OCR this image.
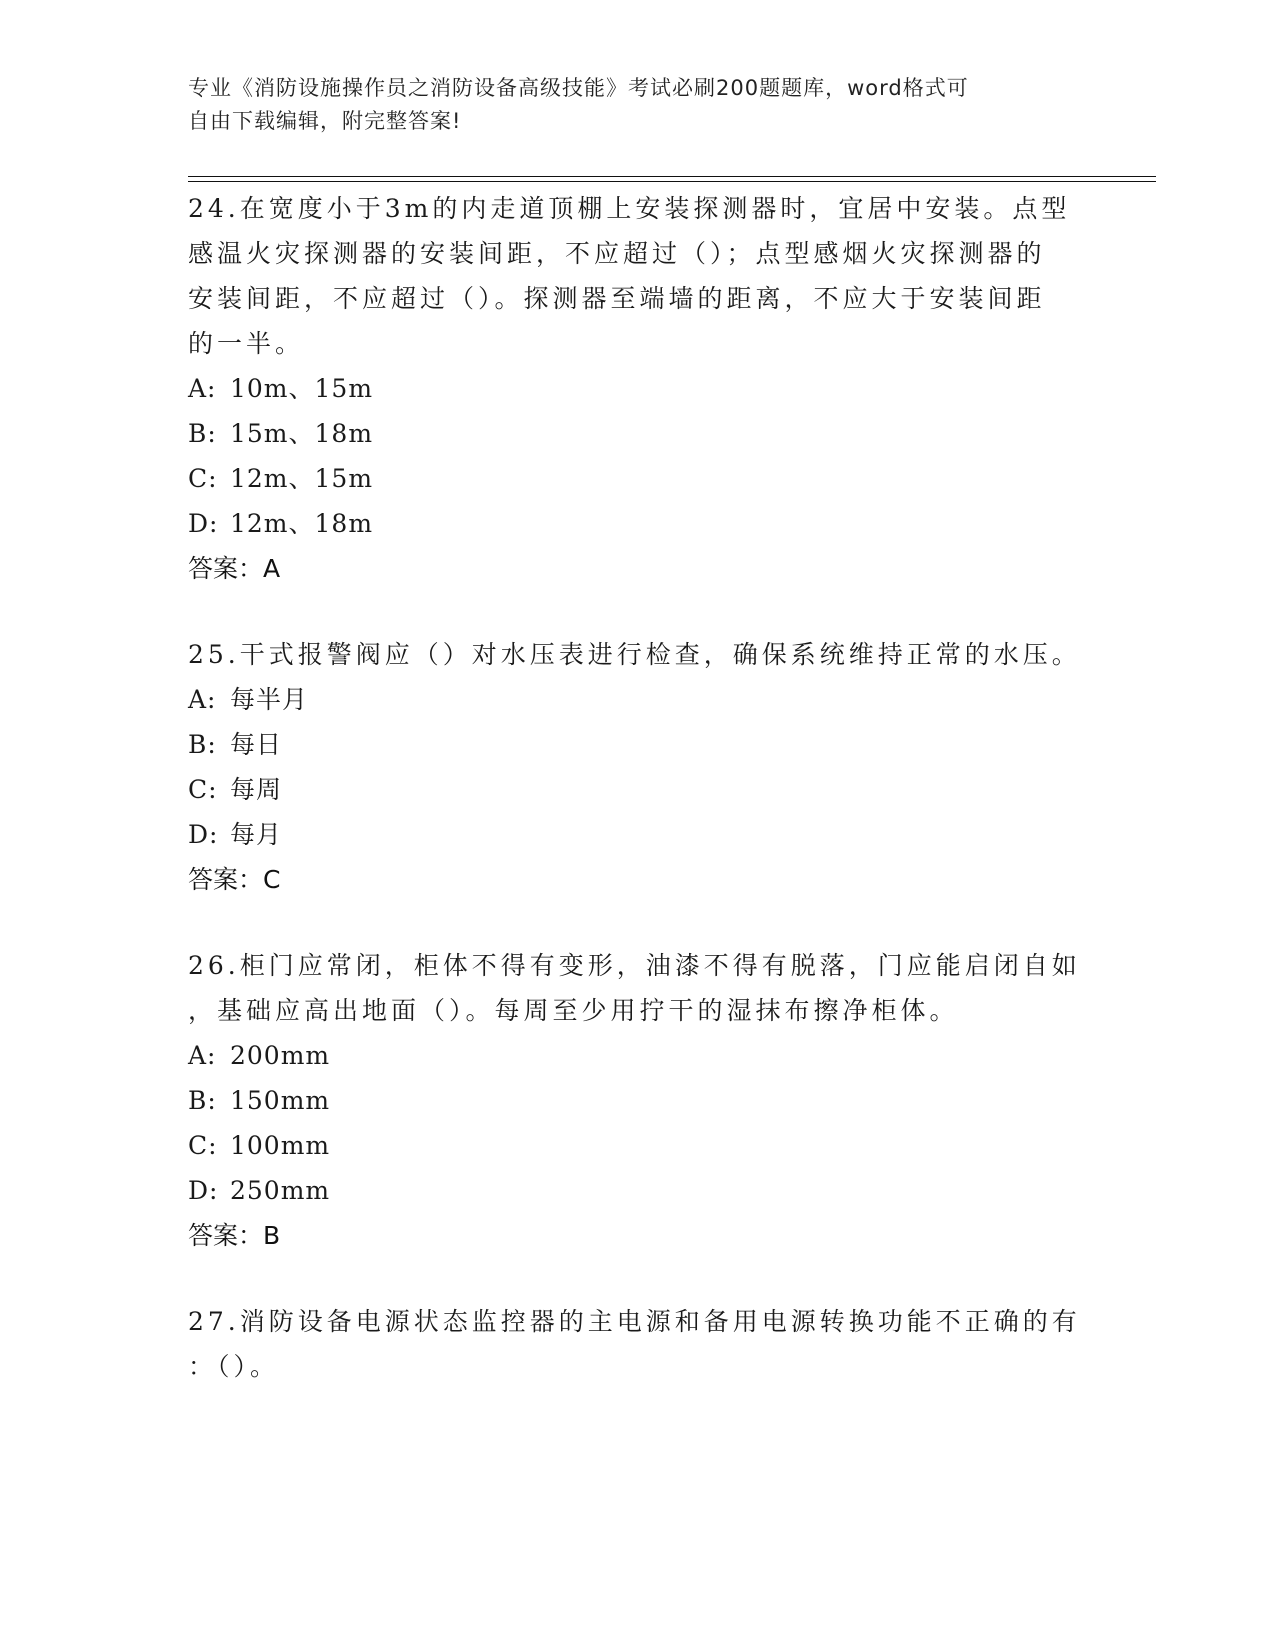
专业《消防设施操作员之消防设备高级技能》考试必刷200题题库，word格式可
自由下载编辑，附完整答案!
24.在宽度小于3m的内走道顶棚上安装探测器时，宜居中安装。点型
感温火灾探测器的安装间距，不应超过（）；点型感烟火灾探测器的
安装间距，不应超过（）。探测器至端墙的距离，不应大于安装间距
的一半。
A: 10m、15m
B: 15m、18m
C: 12m、15m
D: 12m、18m
答案：A
25.干式报警阀应（）对水压表进行检查，确保系统维持正常的水压。
A: 每半月
B: 每日
C: 每周
D: 每月
答案：C
26.柜门应常闭，柜体不得有变形，油漆不得有脱落，门应能启闭自如
，基础应高出地面（）。每周至少用拧干的湿抹布擦净柜体。
A: 200mm
B: 150mm
C: 100mm
D: 250mm
答案：B
27.消防设备电源状态监控器的主电源和备用电源转换功能不正确的有
：（）。
